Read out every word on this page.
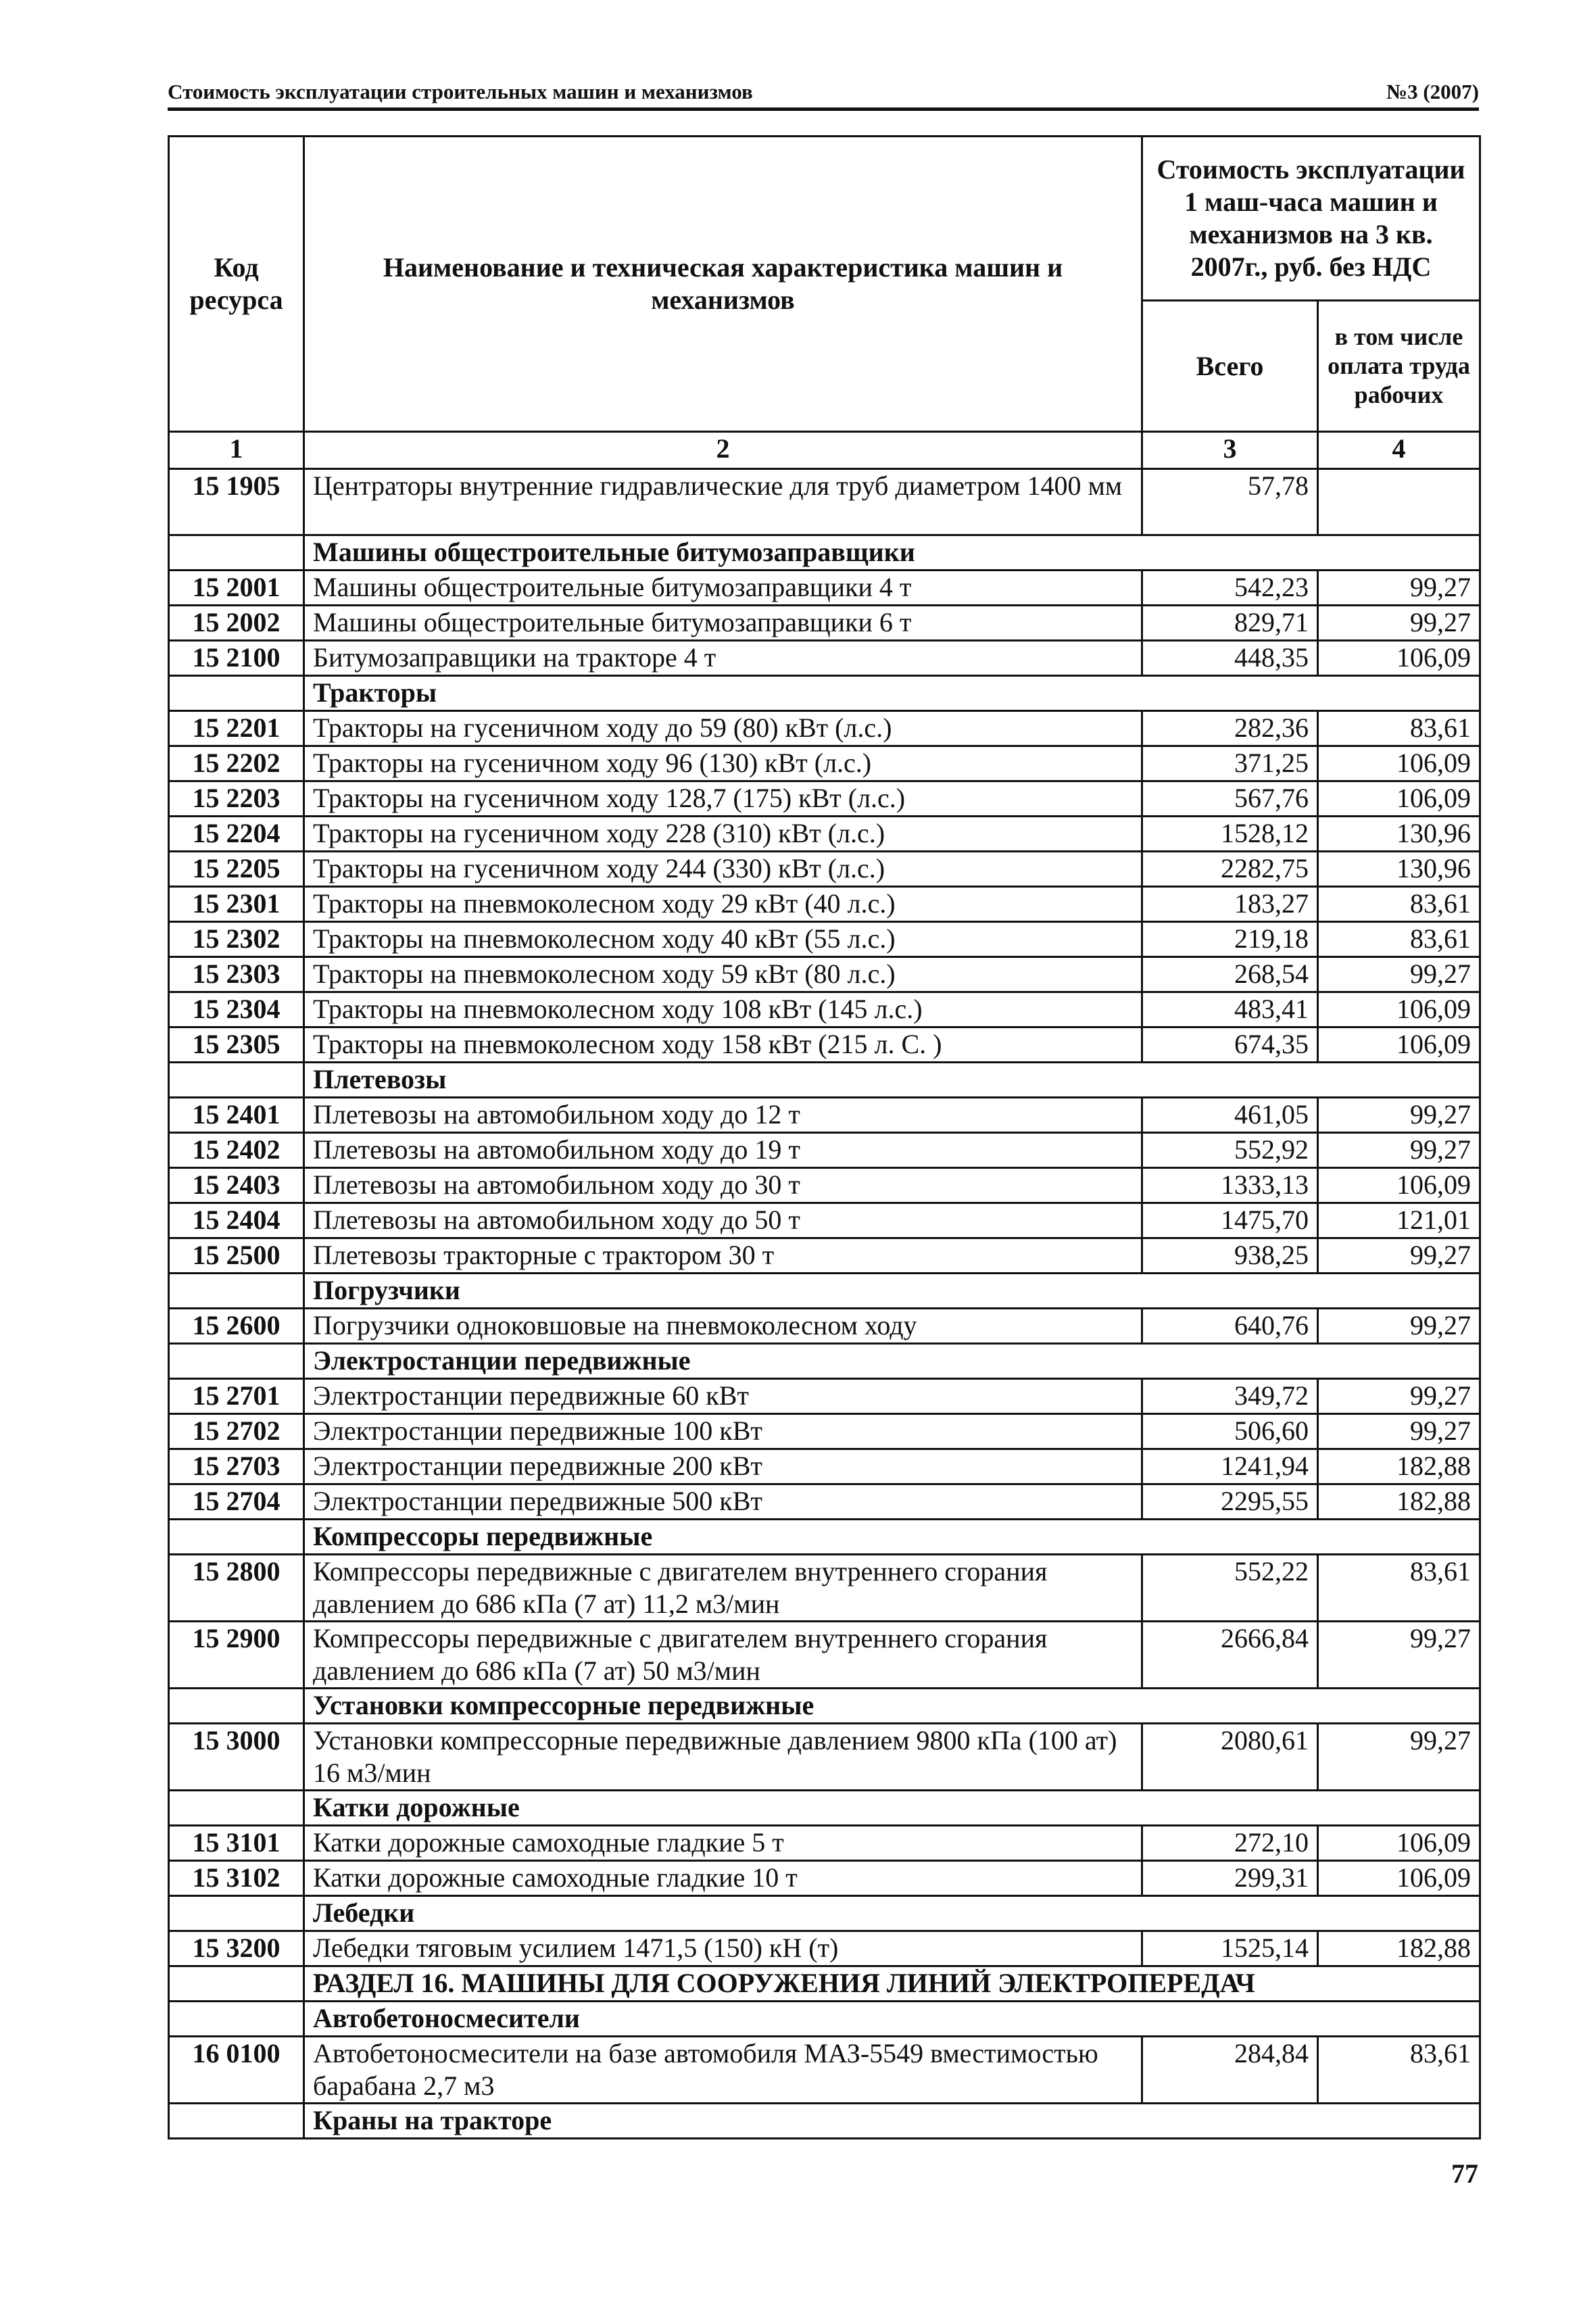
Стоимость эксплуатации строительных машин и механизмов	№3 (2007)
Код ресурса	Наименование и техническая характеристика машин и механизмов	Стоимость эксплуатации 1 маш-часа машин и механизмов на 3 кв. 2007г., руб. без НДС	
		Всего	в том числе оплата труда рабочих
1	2	3	4
15 1905	Центраторы внутренние гидравлические для труб диаметром 1400 мм	57,78	
	Машины общестроительные битумозаправщики		
15 2001	Машины общестроительные битумозаправщики 4 т	542,23	99,27
15 2002	Машины общестроительные битумозаправщики 6 т	829,71	99,27
15 2100	Битумозаправщики на тракторе 4 т	448,35	106,09
	Тракторы		
15 2201	Тракторы на гусеничном ходу до 59 (80) кВт (л.с.)	282,36	83,61
15 2202	Тракторы на гусеничном ходу 96 (130) кВт (л.с.)	371,25	106,09
15 2203	Тракторы на гусеничном ходу 128,7 (175) кВт (л.с.)	567,76	106,09
15 2204	Тракторы на гусеничном ходу 228 (310) кВт (л.с.)	1528,12	130,96
15 2205	Тракторы на гусеничном ходу 244 (330) кВт (л.с.)	2282,75	130,96
15 2301	Тракторы на пневмоколесном ходу 29 кВт (40 л.с.)	183,27	83,61
15 2302	Тракторы на пневмоколесном ходу 40 кВт (55 л.с.)	219,18	83,61
15 2303	Тракторы на пневмоколесном ходу 59 кВт (80 л.с.)	268,54	99,27
15 2304	Тракторы на пневмоколесном ходу 108 кВт (145 л.с.)	483,41	106,09
15 2305	Тракторы на пневмоколесном ходу 158 кВт (215 л. С. )	674,35	106,09
	Плетевозы		
15 2401	Плетевозы на автомобильном ходу до 12 т	461,05	99,27
15 2402	Плетевозы на автомобильном ходу до 19 т	552,92	99,27
15 2403	Плетевозы на автомобильном ходу до 30 т	1333,13	106,09
15 2404	Плетевозы на автомобильном ходу до 50 т	1475,70	121,01
15 2500	Плетевозы тракторные с трактором 30 т	938,25	99,27
	Погрузчики		
15 2600	Погрузчики одноковшовые на пневмоколесном ходу	640,76	99,27
	Электростанции передвижные		
15 2701	Электростанции передвижные 60 кВт	349,72	99,27
15 2702	Электростанции передвижные 100 кВт	506,60	99,27
15 2703	Электростанции передвижные 200 кВт	1241,94	182,88
15 2704	Электростанции передвижные 500 кВт	2295,55	182,88
	Компрессоры передвижные		
15 2800	Компрессоры передвижные с двигателем внутреннего сгорания давлением до 686 кПа (7 ат) 11,2 м3/мин	552,22	83,61
15 2900	Компрессоры передвижные с двигателем внутреннего сгорания давлением до 686 кПа (7 ат) 50 м3/мин	2666,84	99,27
	Установки компрессорные передвижные		
15 3000	Установки компрессорные передвижные давлением 9800 кПа (100 ат) 16 м3/мин	2080,61	99,27
	Катки дорожные		
15 3101	Катки дорожные самоходные гладкие 5 т	272,10	106,09
15 3102	Катки дорожные самоходные гладкие 10 т	299,31	106,09
	Лебедки		
15 3200	Лебедки тяговым усилием 1471,5 (150) кН (т)	1525,14	182,88
	РАЗДЕЛ 16. МАШИНЫ ДЛЯ СООРУЖЕНИЯ ЛИНИЙ ЭЛЕКТРОПЕРЕДАЧ		
	Автобетоносмесители		
16 0100	Автобетоносмесители на базе автомобиля МАЗ-5549 вместимостью барабана 2,7 м3	284,84	83,61
	Краны на тракторе		
77
